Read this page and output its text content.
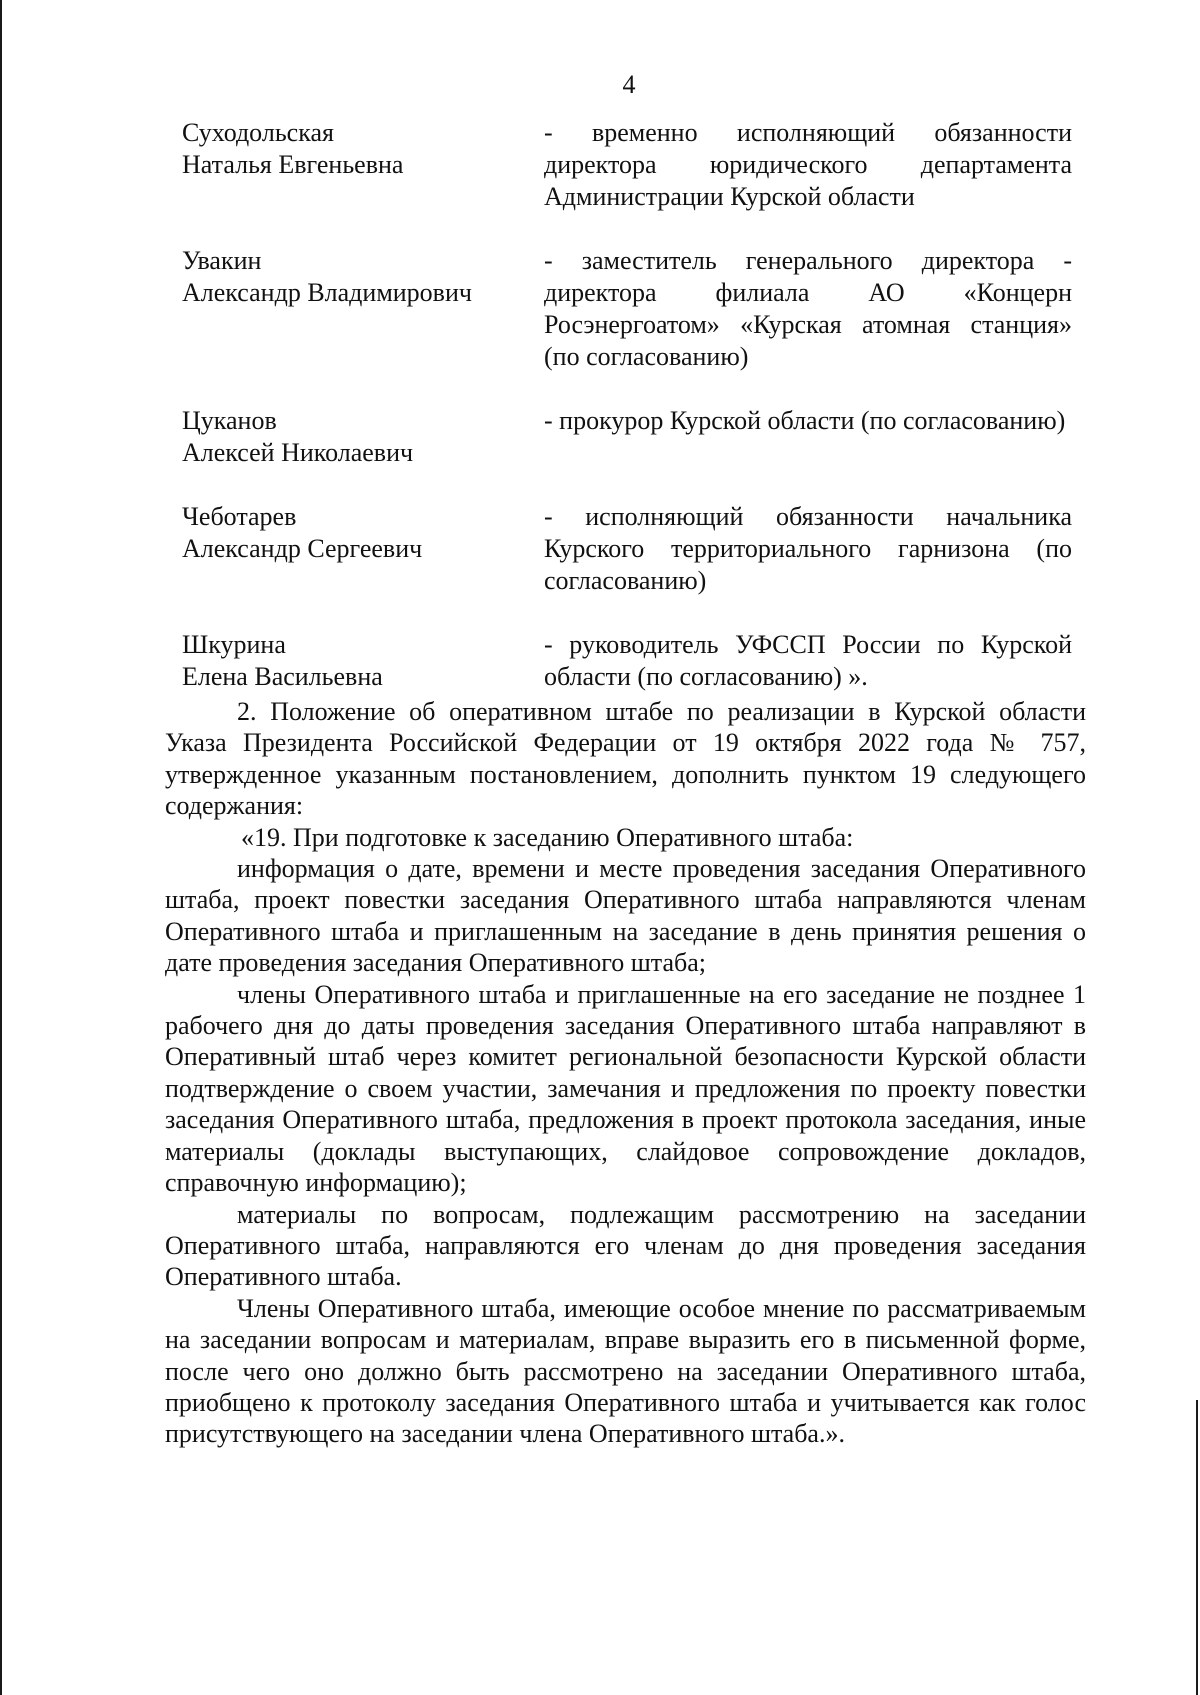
4
Суходольская
Наталья Евгеньевна
- временно исполняющий обязанности директора юридического департамента Администрации Курской области
Увакин
Александр Владимирович
- заместитель генерального директора - директора филиала АО «Концерн Росэнергоатом» «Курская атомная станция» (по согласованию)
Цуканов
Алексей Николаевич
- прокурор Курской области (по согласованию)
Чеботарев
Александр Сергеевич
- исполняющий обязанности начальника Курского территориального гарнизона (по согласованию)
Шкурина
Елена Васильевна
- руководитель УФССП России по Курской области (по согласованию) ».

2. Положение об оперативном штабе по реализации в Курской области Указа Президента Российской Федерации от 19 октября 2022 года № 757, утвержденное указанным постановлением, дополнить пунктом 19 следующего содержания:

«19. При подготовке к заседанию Оперативного штаба:

информация о дате, времени и месте проведения заседания Оперативного штаба, проект повестки заседания Оперативного штаба направляются членам Оперативного штаба и приглашенным на заседание в день принятия решения о дате проведения заседания Оперативного штаба;

члены Оперативного штаба и приглашенные на его заседание не позднее 1 рабочего дня до даты проведения заседания Оперативного штаба направляют в Оперативный штаб через комитет региональной безопасности Курской области подтверждение о своем участии, замечания и предложения по проекту повестки заседания Оперативного штаба, предложения в проект протокола заседания, иные материалы (доклады выступающих, слайдовое сопровождение докладов, справочную информацию);

материалы по вопросам, подлежащим рассмотрению на заседании Оперативного штаба, направляются его членам до дня проведения заседания Оперативного штаба.

Члены Оперативного штаба, имеющие особое мнение по рассматриваемым на заседании вопросам и материалам, вправе выразить его в письменной форме, после чего оно должно быть рассмотрено на заседании Оперативного штаба, приобщено к протоколу заседания Оперативного штаба и учитывается как голос присутствующего на заседании члена Оперативного штаба.».
